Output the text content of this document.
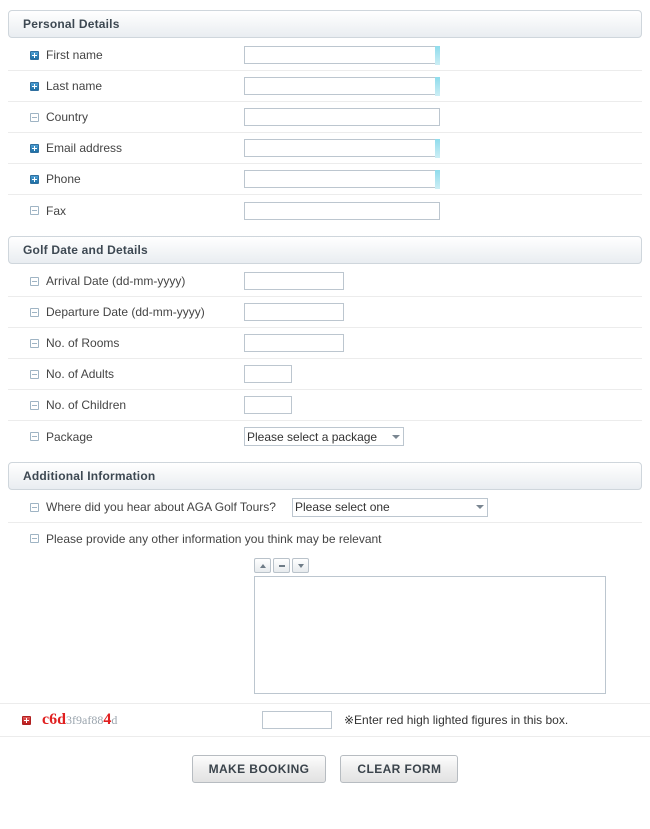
Personal Details
First name
Last name
Country
Email address
Phone
Fax
Golf Date and Details
Arrival Date (dd-mm-yyyy)
Departure Date (dd-mm-yyyy)
No. of Rooms
No. of Adults
No. of Children
Package
Please select a package
Additional Information
Where did you hear about AGA Golf Tours?
Please select one
Please provide any other information you think may be relevant
c6d3f9af884d	※Enter red high lighted figures in this box.
MAKE BOOKING	CLEAR FORM
